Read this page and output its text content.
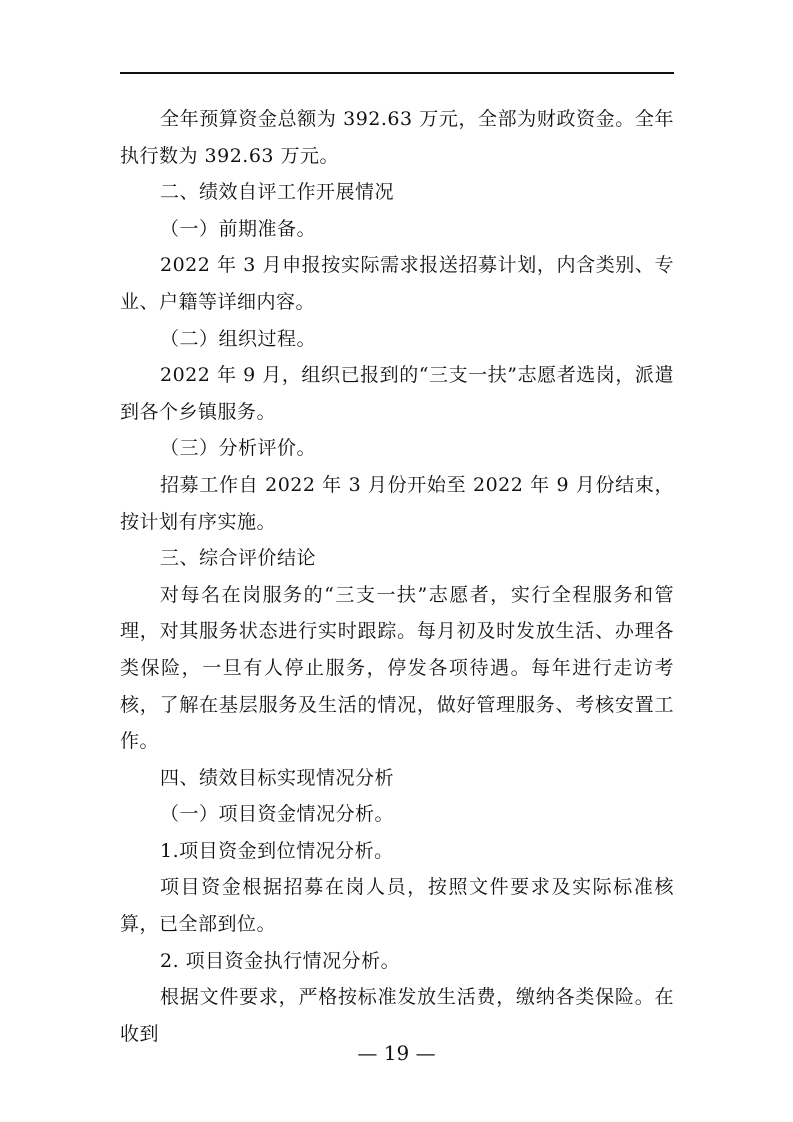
全年预算资金总额为 392.63 万元，全部为财政资金。全年执行数为 392.63 万元。

二、绩效自评工作开展情况

（一）前期准备。

2022 年 3 月申报按实际需求报送招募计划，内含类别、专业、户籍等详细内容。

（二）组织过程。

2022 年 9 月，组织已报到的“三支一扶”志愿者选岗，派遣到各个乡镇服务。

（三）分析评价。

招募工作自 2022 年 3 月份开始至 2022 年 9 月份结束，按计划有序实施。

三、综合评价结论

对每名在岗服务的“三支一扶”志愿者，实行全程服务和管理，对其服务状态进行实时跟踪。每月初及时发放生活、办理各类保险，一旦有人停止服务，停发各项待遇。每年进行走访考核，了解在基层服务及生活的情况，做好管理服务、考核安置工作。

四、绩效目标实现情况分析

（一）项目资金情况分析。

1.项目资金到位情况分析。

项目资金根据招募在岗人员，按照文件要求及实际标准核算，已全部到位。

2. 项目资金执行情况分析。

根据文件要求，严格按标准发放生活费，缴纳各类保险。在收到

— 19 —
